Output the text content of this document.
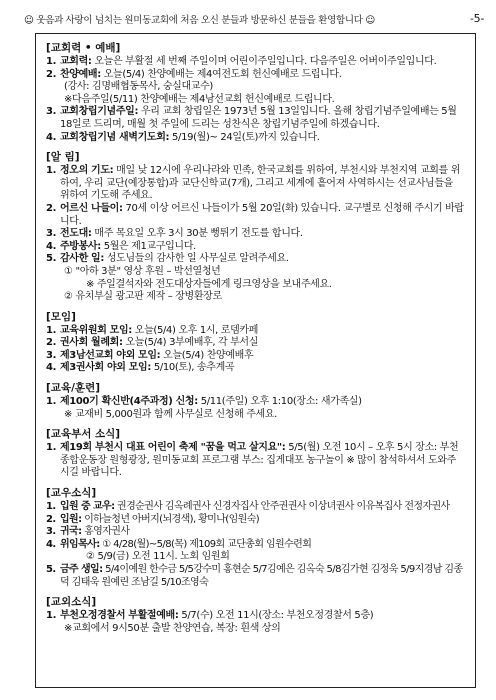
☺ 웃음과 사랑이 넘치는 원미동교회에 처음 오신 분들과 방문하신 분들을 환영합니다 ☺	-5-
[교회력 • 예배]

1. 교회력: 오늘은 부활절 세 번째 주일이며 어린이주일입니다. 다음주일은 어버이주일입니다.

2. 찬양예배: 오늘(5/4) 찬양예배는 제4여전도회 헌신예배로 드립니다.

(강사: 김명배협동목사, 숭실대교수)

※다음주일(5/11) 찬양예배는 제4남선교회 헌신예배로 드립니다.

3. 교회창립기념주일: 우리 교회 창립일은 1973년 5월 13일입니다. 올해 창립기념주일예배는 5월 18일로 드리며, 매월 첫 주일에 드리는 성찬식은 창립기념주일에 하겠습니다.

4. 교회창립기념 새벽기도회: 5/19(월)~ 24일(토)까지 있습니다.

[알 림]

1. 정오의 기도: 매일 낮 12시에 우리나라와 민족, 한국교회를 위하여, 부천시와 부천지역 교회를 위하여, 우리 교단(예장통합)과 교단신학교(7개), 그리고 세계에 흩어져 사역하시는 선교사님들을 위하여 기도해 주세요.

2. 어르신 나들이: 70세 이상 어르신 나들이가 5월 20일(화) 있습니다. 교구별로 신청해 주시기 바랍니다.

3. 전도대: 매주 목요일 오후 3시 30분 뻥튀기 전도를 합니다.

4. 주방봉사: 5월은 제1교구입니다.

5. 감사한 일: 성도님들의 감사한 일 사무실로 알려주세요.

① "아하 3분" 영상 후원 – 박선열청년

※ 주일결석자와 전도대상자들에게 링크영상을 보내주세요.

② 유치부실 광고판 제작 – 장병환장로

[모임]

1. 교육위원회 모임: 오늘(5/4) 오후 1시, 로뎀카페

2. 권사회 월례회: 오늘(5/4) 3부예배후, 각 부서실

3. 제3남선교회 야외 모임: 오늘(5/4) 찬양예배후

4. 제3권사회 야외 모임: 5/10(토), 송추계곡

[교육/훈련]

1. 제100기 확신반(4주과정) 신청: 5/11(주일) 오후 1:10(장소: 새가족실)

※ 교재비 5,000원과 함께 사무실로 신청해 주세요.

[교육부서 소식]

1. 제19회 부천시 대표 어린이 축제 "꿈을 먹고 살지요": 5/5(월) 오전 10시 – 오후 5시 장소: 부천종합운동장 원형광장, 원미동교회 프로그램 부스: 집게대포 농구놀이 ※ 많이 참석하셔서 도와주시길 바랍니다.

[교우소식]

1. 입원 중 교우: 권경순권사 김옥례권사 신경자집사 안주권권사 이상녀권사 이유복집사 전정자권사

2. 입원: 이하늘청년 아버지(뇌경색), 황미나(임원숙)

3. 귀국: 홍영자권사

4. 위임목사: ① 4/28(월)~5/8(목) 제109회 교단총회 임원수련회

② 5/9(금) 오전 11시. 노회 임원회

5. 금주 생일: 5/4이예원 한수금 5/5강수미 홍현순 5/7김예은 김옥숙 5/8김가현 김정욱 5/9지경남 김종덕 김태욱 원예린 조남길 5/10조영숙

[교외소식]

1. 부천오정경찰서 부활절예배: 5/7(수) 오전 11시(장소: 부천오정경찰서 5층)

※교회에서 9시50분 출발 찬양연습, 복장: 흰색 상의
